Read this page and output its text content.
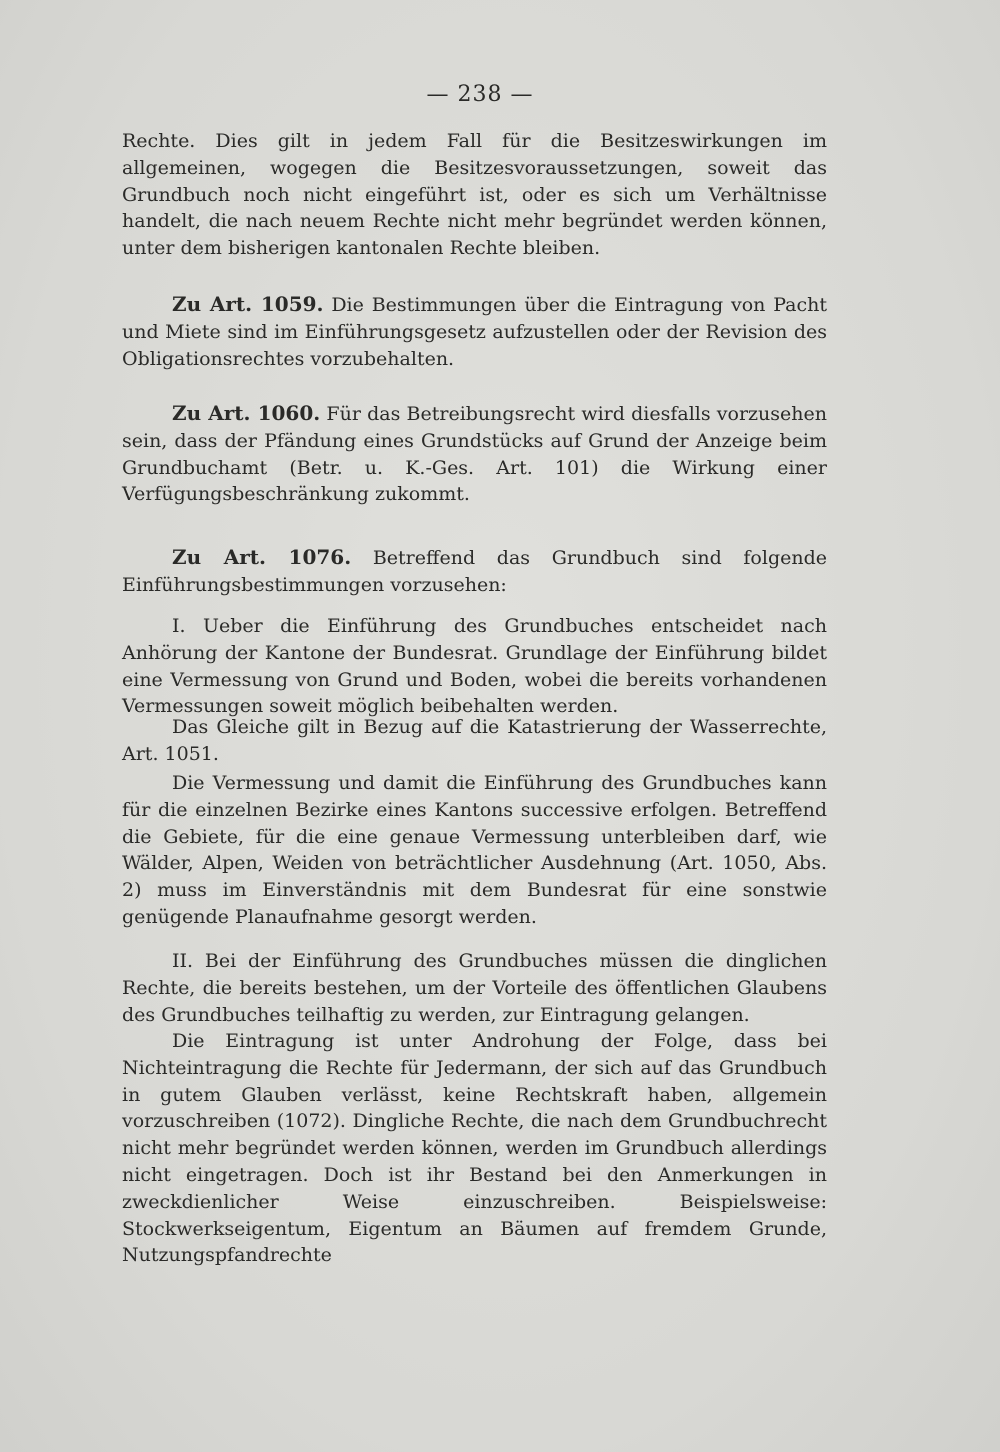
— 238 —

Rechte. Dies gilt in jedem Fall für die Besitzeswirkungen im allgemeinen, wogegen die Besitzesvoraussetzungen, soweit das Grundbuch noch nicht eingeführt ist, oder es sich um Verhältnisse handelt, die nach neuem Rechte nicht mehr begründet werden können, unter dem bisherigen kantonalen Rechte bleiben.

Zu Art. 1059. Die Bestimmungen über die Eintragung von Pacht und Miete sind im Einführungsgesetz aufzustellen oder der Revision des Obligationsrechtes vorzubehalten.

Zu Art. 1060. Für das Betreibungsrecht wird diesfalls vorzusehen sein, dass der Pfändung eines Grundstücks auf Grund der Anzeige beim Grundbuchamt (Betr. u. K.-Ges. Art. 101) die Wirkung einer Verfügungsbeschränkung zukommt.

Zu Art. 1076. Betreffend das Grundbuch sind folgende Einführungsbestimmungen vorzusehen:

I. Ueber die Einführung des Grundbuches entscheidet nach Anhörung der Kantone der Bundesrat. Grundlage der Einführung bildet eine Vermessung von Grund und Boden, wobei die bereits vorhandenen Vermessungen soweit möglich beibehalten werden.

Das Gleiche gilt in Bezug auf die Katastrierung der Wasserrechte, Art. 1051.

Die Vermessung und damit die Einführung des Grundbuches kann für die einzelnen Bezirke eines Kantons successive erfolgen. Betreffend die Gebiete, für die eine genaue Vermessung unterbleiben darf, wie Wälder, Alpen, Weiden von beträchtlicher Ausdehnung (Art. 1050, Abs. 2) muss im Einverständnis mit dem Bundesrat für eine sonstwie genügende Planaufnahme gesorgt werden.

II. Bei der Einführung des Grundbuches müssen die dinglichen Rechte, die bereits bestehen, um der Vorteile des öffentlichen Glaubens des Grundbuches teilhaftig zu werden, zur Eintragung gelangen.

Die Eintragung ist unter Androhung der Folge, dass bei Nichteintragung die Rechte für Jedermann, der sich auf das Grundbuch in gutem Glauben verlässt, keine Rechtskraft haben, allgemein vorzuschreiben (1072). Dingliche Rechte, die nach dem Grundbuchrecht nicht mehr begründet werden können, werden im Grundbuch allerdings nicht eingetragen. Doch ist ihr Bestand bei den Anmerkungen in zweckdienlicher Weise einzuschreiben. Beispielsweise: Stockwerkseigentum, Eigentum an Bäumen auf fremdem Grunde, Nutzungspfandrechte
